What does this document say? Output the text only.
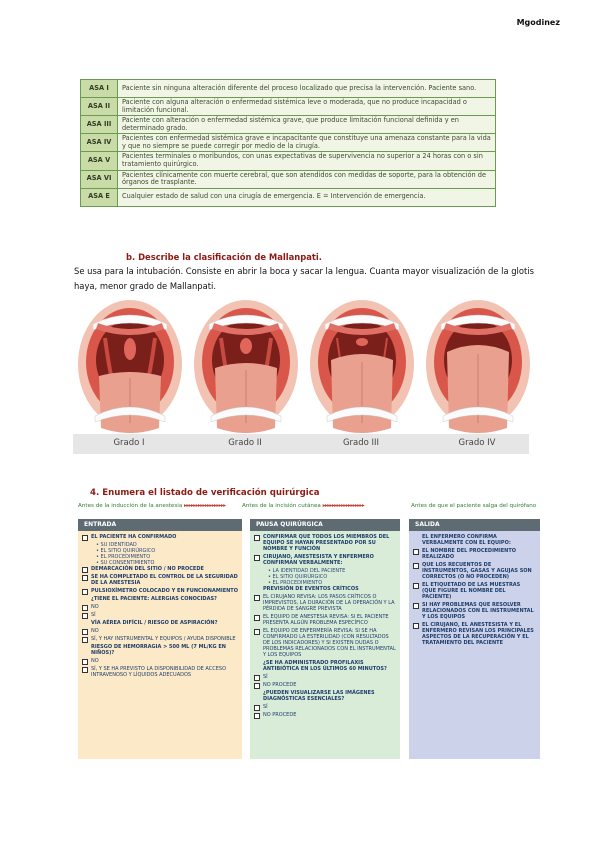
Mgodinez
ASA I	Paciente sin ninguna alteración diferente del proceso localizado que precisa la intervención. Paciente sano.
ASA II	Paciente con alguna alteración o enfermedad sistémica leve o moderada, que no produce incapacidad o limitación funcional.
ASA III	Paciente con alteración o enfermedad sistémica grave, que produce limitación funcional definida y en determinado grado.
ASA IV	Pacientes con enfermedad sistémica grave e incapacitante que constituye una amenaza constante para la vida y que no siempre se puede corregir por medio de la cirugía.
ASA V	Pacientes terminales o moribundos, con unas expectativas de supervivencia no superior a 24 horas con o sin tratamiento quirúrgico.
ASA VI	Pacientes clínicamente con muerte cerebral, que son atendidos con medidas de soporte, para la obtención de órganos de trasplante.
ASA E	Cualquier estado de salud con una cirugía de emergencia. E = Intervención de emergencia.
b. Describe la clasificación de Mallanpati.
Se usa para la intubación. Consiste en abrir la boca y sacar la lengua. Cuanta mayor visualización de la glotis haya, menor grado de Mallanpati.
Grado I	Grado II	Grado III	Grado IV
4. Enumera el listado de verificación quirúrgica
Antes de la inducción de la anestesia ▸▸▸▸▸▸▸▸▸▸▸▸▸▸▸▸▸▸	Antes de la incisión cutánea ▸▸▸▸▸▸▸▸▸▸▸▸▸▸▸▸▸▸	Antes de que el paciente salga del quirófano
ENTRADA
EL PACIENTE HA CONFIRMADO
• SU IDENTIDAD
• EL SITIO QUIRÚRGICO
• EL PROCEDIMIENTO
• SU CONSENTIMIENTO
DEMARCACIÓN DEL SITIO / NO PROCEDE
SE HA COMPLETADO EL CONTROL DE LA SEGURIDAD DE LA ANESTESIA
PULSIOXÍMETRO COLOCADO Y EN FUNCIONAMIENTO
¿TIENE EL PACIENTE: ALERGIAS CONOCIDAS?
NO
SÍ
VÍA AÉREA DIFÍCIL / RIESGO DE ASPIRACIÓN?
NO
SÍ, Y HAY INSTRUMENTAL Y EQUIPOS / AYUDA DISPONIBLE
RIESGO DE HEMORRAGIA > 500 ML (7 ML/KG EN NIÑOS)?
NO
SÍ, Y SE HA PREVISTO LA DISPONIBILIDAD DE ACCESO INTRAVENOSO Y LÍQUIDOS ADECUADOS
PAUSA QUIRÚRGICA
CONFIRMAR QUE TODOS LOS MIEMBROS DEL EQUIPO SE HAYAN PRESENTADO POR SU NOMBRE Y FUNCIÓN
CIRUJANO, ANESTESISTA Y ENFERMERO CONFIRMAN VERBALMENTE:
• LA IDENTIDAD DEL PACIENTE
• EL SITIO QUIRÚRGICO
• EL PROCEDIMIENTO
PREVISIÓN DE EVENTOS CRÍTICOS
EL CIRUJANO REVISA: LOS PASOS CRÍTICOS O IMPREVISTOS, LA DURACIÓN DE LA OPERACIÓN Y LA PÉRDIDA DE SANGRE PREVISTA
EL EQUIPO DE ANESTESIA REVISA: SI EL PACIENTE PRESENTA ALGÚN PROBLEMA ESPECÍFICO
EL EQUIPO DE ENFERMERÍA REVISA: SI SE HA CONFIRMADO LA ESTERILIDAD (CON RESULTADOS DE LOS INDICADORES) Y SI EXISTEN DUDAS O PROBLEMAS RELACIONADOS CON EL INSTRUMENTAL Y LOS EQUIPOS
¿SE HA ADMINISTRADO PROFILAXIS ANTIBIÓTICA EN LOS ÚLTIMOS 60 MINUTOS?
SÍ
NO PROCEDE
¿PUEDEN VISUALIZARSE LAS IMÁGENES DIAGNÓSTICAS ESENCIALES?
SÍ
NO PROCEDE
SALIDA
EL ENFERMERO CONFIRMA VERBALMENTE CON EL EQUIPO:
EL NOMBRE DEL PROCEDIMIENTO REALIZADO
QUE LOS RECUENTOS DE INSTRUMENTOS, GASAS Y AGUJAS SON CORRECTOS (O NO PROCEDEN)
EL ETIQUETADO DE LAS MUESTRAS (QUE FIGURE EL NOMBRE DEL PACIENTE)
SI HAY PROBLEMAS QUE RESOLVER RELACIONADOS CON EL INSTRUMENTAL Y LOS EQUIPOS
EL CIRUJANO, EL ANESTESISTA Y EL ENFERMERO REVISAN LOS PRINCIPALES ASPECTOS DE LA RECUPERACIÓN Y EL TRATAMIENTO DEL PACIENTE
